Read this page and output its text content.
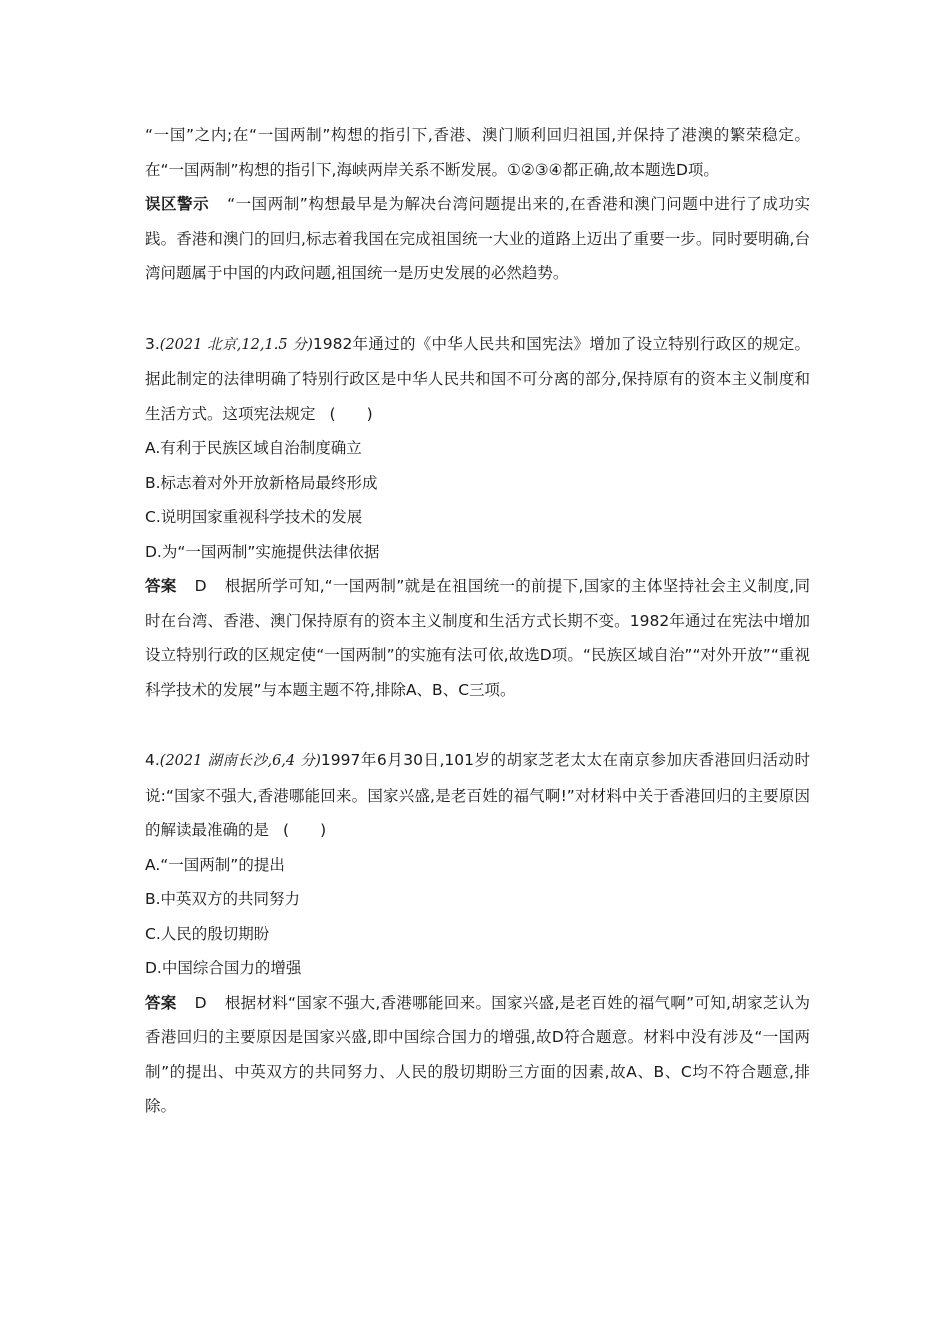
“一国”之内;在“一国两制”构想的指引下,香港、澳门顺利回归祖国,并保持了港澳的繁荣稳定。在“一国两制”构想的指引下,海峡两岸关系不断发展。①②③④都正确,故本题选D项。

误区警示 “一国两制”构想最早是为解决台湾问题提出来的,在香港和澳门问题中进行了成功实践。香港和澳门的回归,标志着我国在完成祖国统一大业的道路上迈出了重要一步。同时要明确,台湾问题属于中国的内政问题,祖国统一是历史发展的必然趋势。

3.(2021 北京,12,1.5 分)1982年通过的《中华人民共和国宪法》增加了设立特别行政区的规定。据此制定的法律明确了特别行政区是中华人民共和国不可分离的部分,保持原有的资本主义制度和生活方式。这项宪法规定 (　　)

A.有利于民族区域自治制度确立

B.标志着对外开放新格局最终形成

C.说明国家重视科学技术的发展

D.为“一国两制”实施提供法律依据

答案 D 根据所学可知,“一国两制”就是在祖国统一的前提下,国家的主体坚持社会主义制度,同时在台湾、香港、澳门保持原有的资本主义制度和生活方式长期不变。1982年通过在宪法中增加设立特别行政的区规定使“一国两制”的实施有法可依,故选D项。“民族区域自治”“对外开放”“重视科学技术的发展”与本题主题不符,排除A、B、C三项。

4.(2021 湖南长沙,6,4 分)1997年6月30日,101岁的胡家芝老太太在南京参加庆香港回归活动时说:“国家不强大,香港哪能回来。国家兴盛,是老百姓的福气啊!”对材料中关于香港回归的主要原因的解读最准确的是 (　　)

A.“一国两制”的提出

B.中英双方的共同努力

C.人民的殷切期盼

D.中国综合国力的增强

答案 D 根据材料“国家不强大,香港哪能回来。国家兴盛,是老百姓的福气啊”可知,胡家芝认为香港回归的主要原因是国家兴盛,即中国综合国力的增强,故D符合题意。材料中没有涉及“一国两制”的提出、中英双方的共同努力、人民的殷切期盼三方面的因素,故A、B、C均不符合题意,排除。
